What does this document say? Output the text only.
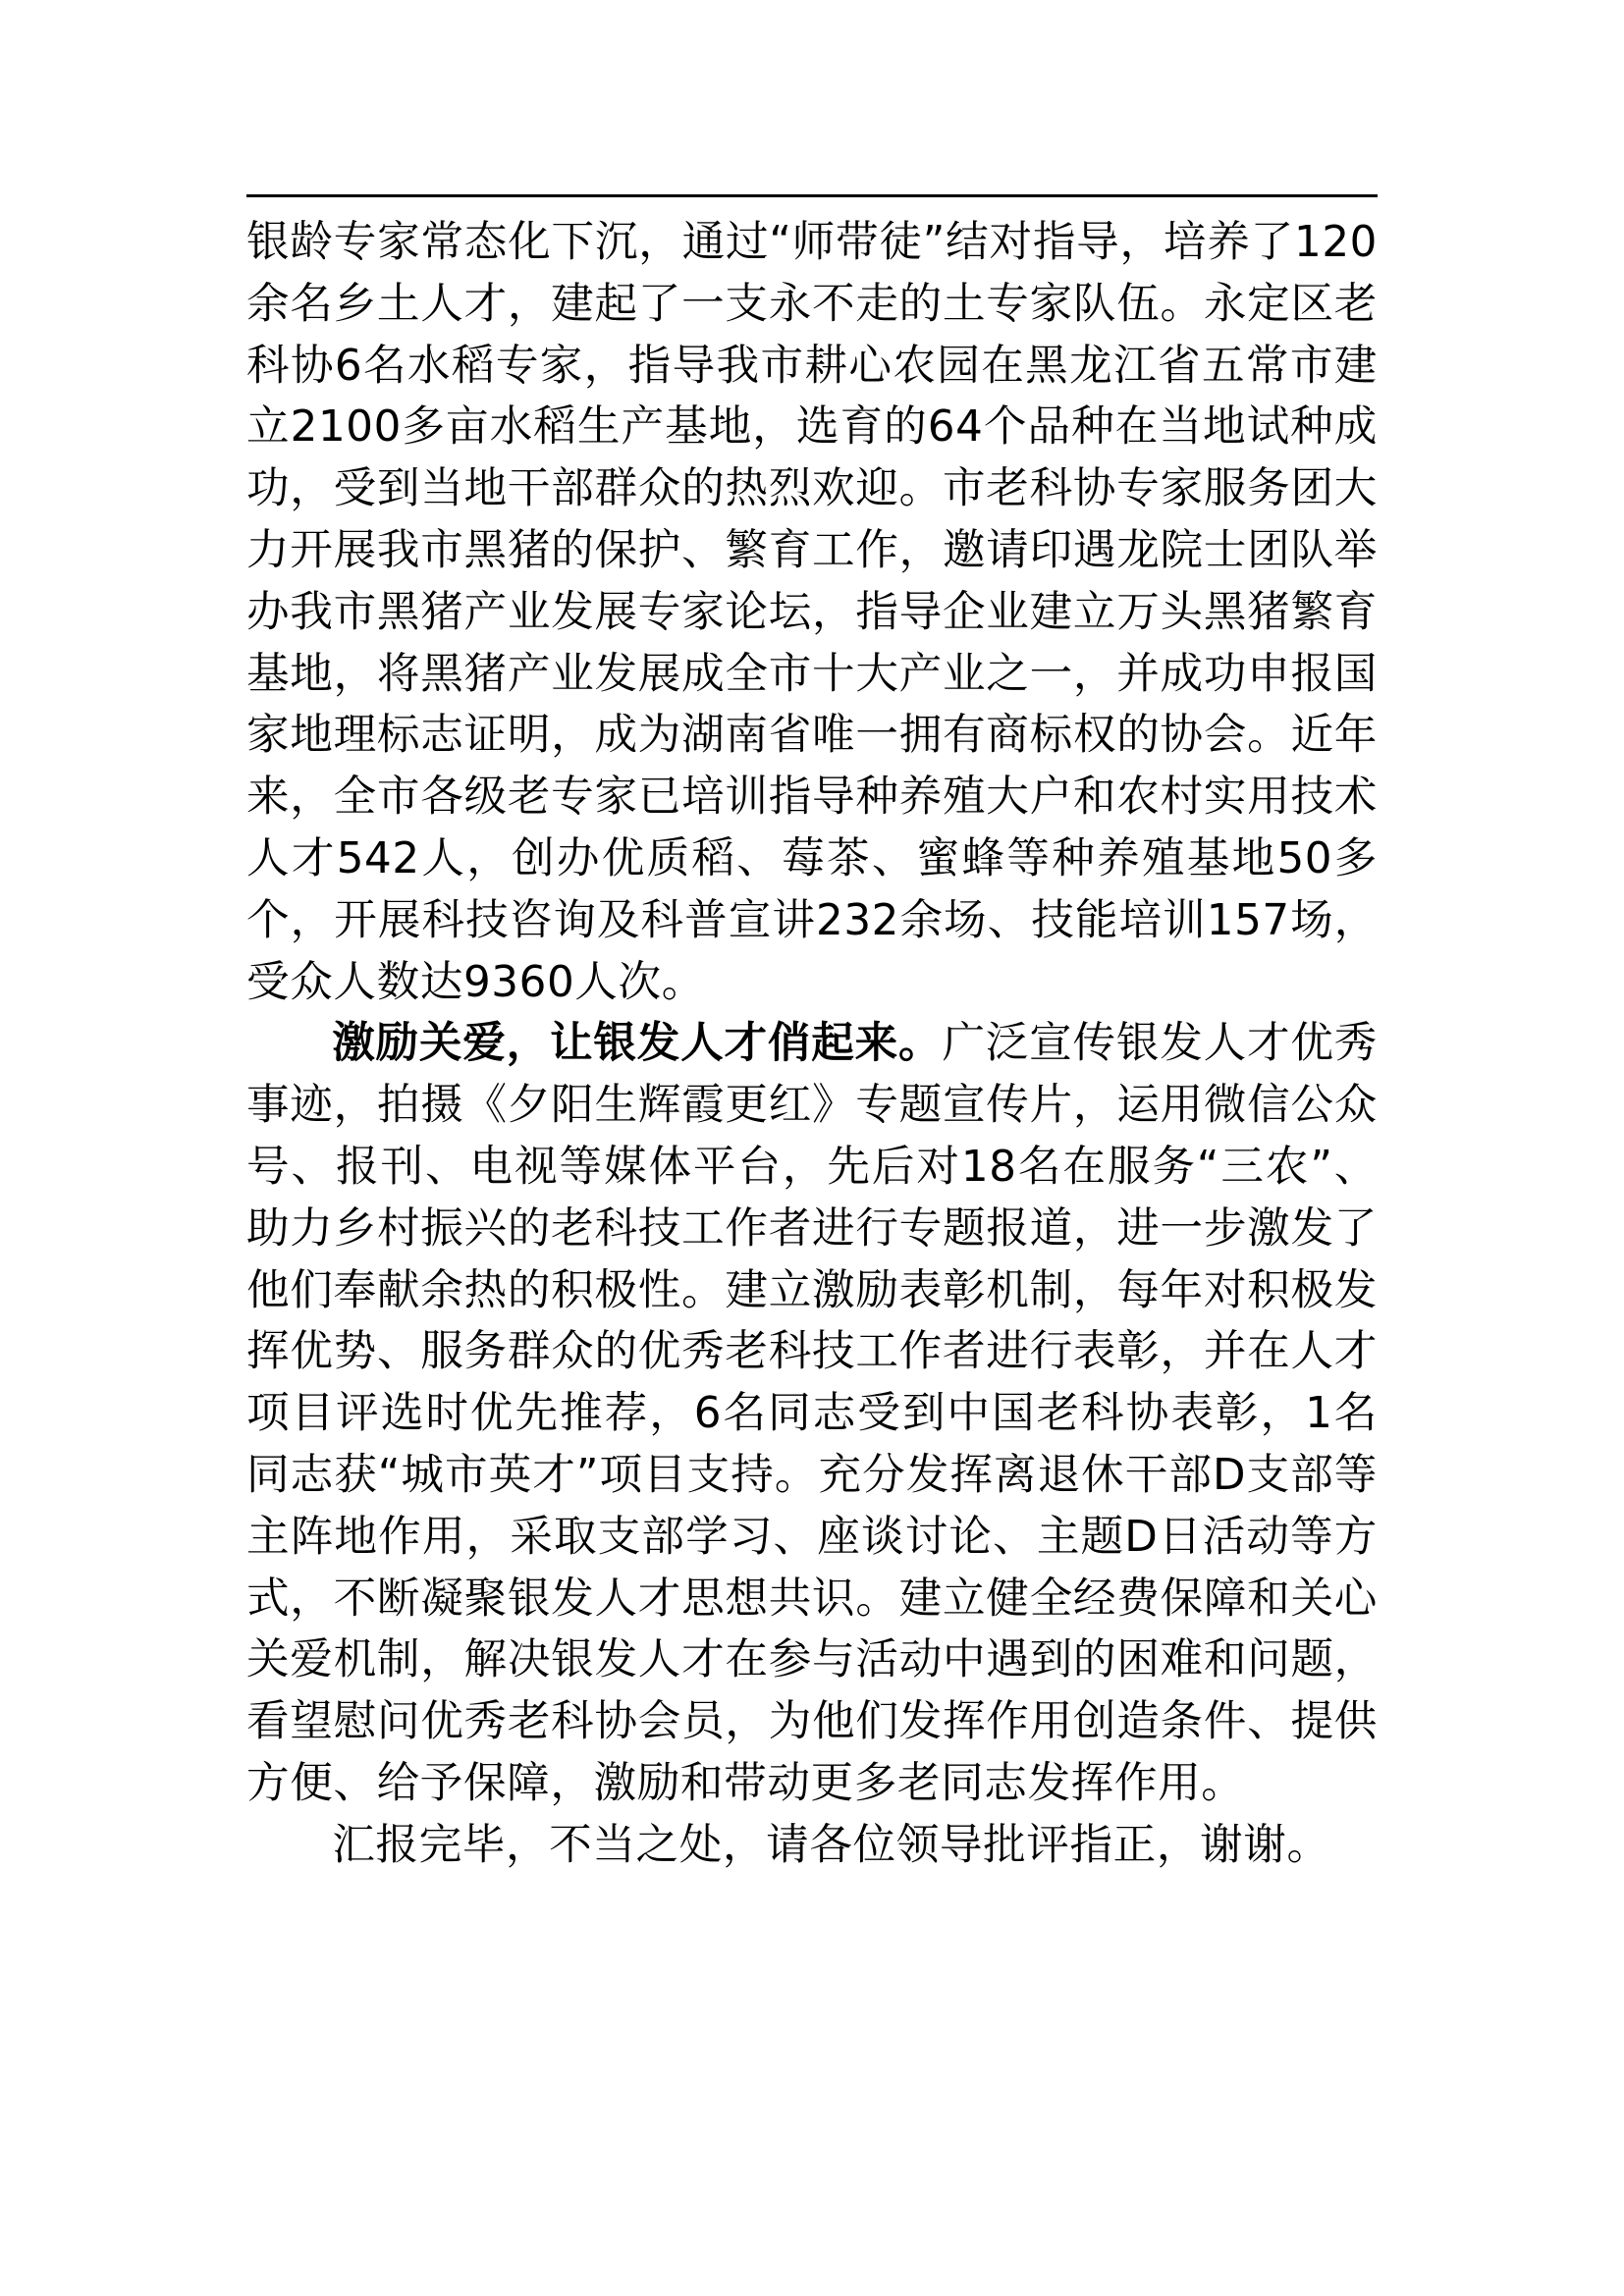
银龄专家常态化下沉，通过“师带徒”结对指导，培养了120余名乡土人才，建起了一支永不走的土专家队伍。永定区老科协6名水稻专家，指导我市耕心农园在黑龙江省五常市建立2100多亩水稻生产基地，选育的64个品种在当地试种成功，受到当地干部群众的热烈欢迎。市老科协专家服务团大力开展我市黑猪的保护、繁育工作，邀请印遇龙院士团队举办我市黑猪产业发展专家论坛，指导企业建立万头黑猪繁育基地，将黑猪产业发展成全市十大产业之一，并成功申报国家地理标志证明，成为湖南省唯一拥有商标权的协会。近年来，全市各级老专家已培训指导种养殖大户和农村实用技术人才542人，创办优质稻、莓茶、蜜蜂等种养殖基地50多个，开展科技咨询及科普宣讲232余场、技能培训157场，受众人数达9360人次。

激励关爱，让银发人才俏起来。广泛宣传银发人才优秀事迹，拍摄《夕阳生辉霞更红》专题宣传片，运用微信公众号、报刊、电视等媒体平台，先后对18名在服务“三农”、助力乡村振兴的老科技工作者进行专题报道，进一步激发了他们奉献余热的积极性。建立激励表彰机制，每年对积极发挥优势、服务群众的优秀老科技工作者进行表彰，并在人才项目评选时优先推荐，6名同志受到中国老科协表彰，1名同志获“城市英才”项目支持。充分发挥离退休干部D支部等主阵地作用，采取支部学习、座谈讨论、主题D日活动等方式，不断凝聚银发人才思想共识。建立健全经费保障和关心关爱机制，解决银发人才在参与活动中遇到的困难和问题，看望慰问优秀老科协会员，为他们发挥作用创造条件、提供方便、给予保障，激励和带动更多老同志发挥作用。

汇报完毕，不当之处，请各位领导批评指正，谢谢。
